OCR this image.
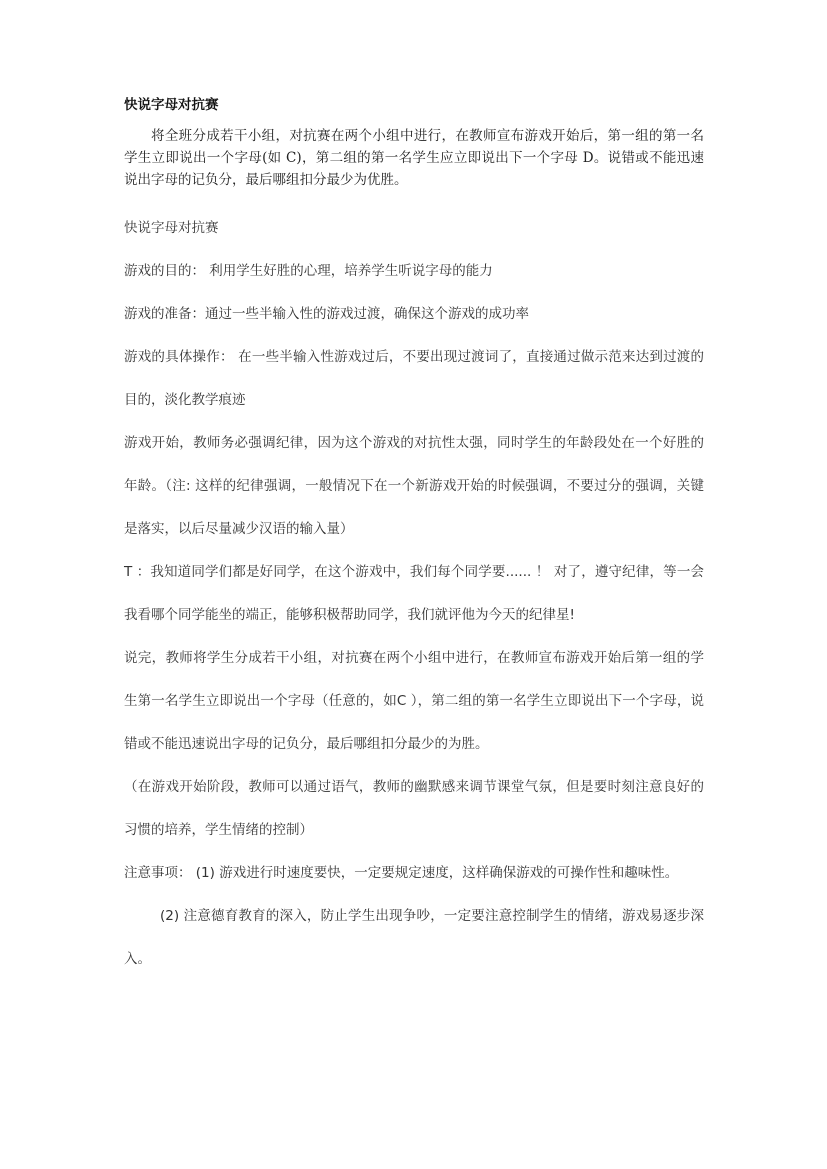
快说字母对抗赛

将全班分成若干小组，对抗赛在两个小组中进行，在教师宣布游戏开始后，第一组的第一名学生立即说出一个字母(如 C)，第二组的第一名学生应立即说出下一个字母 D。说错或不能迅速说出字母的记负分，最后哪组扣分最少为优胜。

快说字母对抗赛

游戏的目的： 利用学生好胜的心理，培养学生听说字母的能力

游戏的准备：通过一些半输入性的游戏过渡，确保这个游戏的成功率

游戏的具体操作： 在一些半输入性游戏过后，不要出现过渡词了，直接通过做示范来达到过渡的目的，淡化教学痕迹

游戏开始，教师务必强调纪律，因为这个游戏的对抗性太强，同时学生的年龄段处在一个好胜的年龄。（注: 这样的纪律强调，一般情况下在一个新游戏开始的时候强调，不要过分的强调，关键是落实，以后尽量减少汉语的输入量）

T ：我知道同学们都是好同学，在这个游戏中，我们每个同学要...... ！ 对了，遵守纪律，等一会我看哪个同学能坐的端正，能够积极帮助同学，我们就评他为今天的纪律星!

说完，教师将学生分成若干小组，对抗赛在两个小组中进行，在教师宣布游戏开始后第一组的学生第一名学生立即说出一个字母（任意的，如C ），第二组的第一名学生立即说出下一个字母，说错或不能迅速说出字母的记负分，最后哪组扣分最少的为胜。

（在游戏开始阶段，教师可以通过语气，教师的幽默感来调节课堂气氛，但是要时刻注意良好的习惯的培养，学生情绪的控制）

注意事项： (1) 游戏进行时速度要快，一定要规定速度，这样确保游戏的可操作性和趣味性。

(2) 注意德育教育的深入，防止学生出现争吵，一定要注意控制学生的情绪，游戏易逐步深入。
